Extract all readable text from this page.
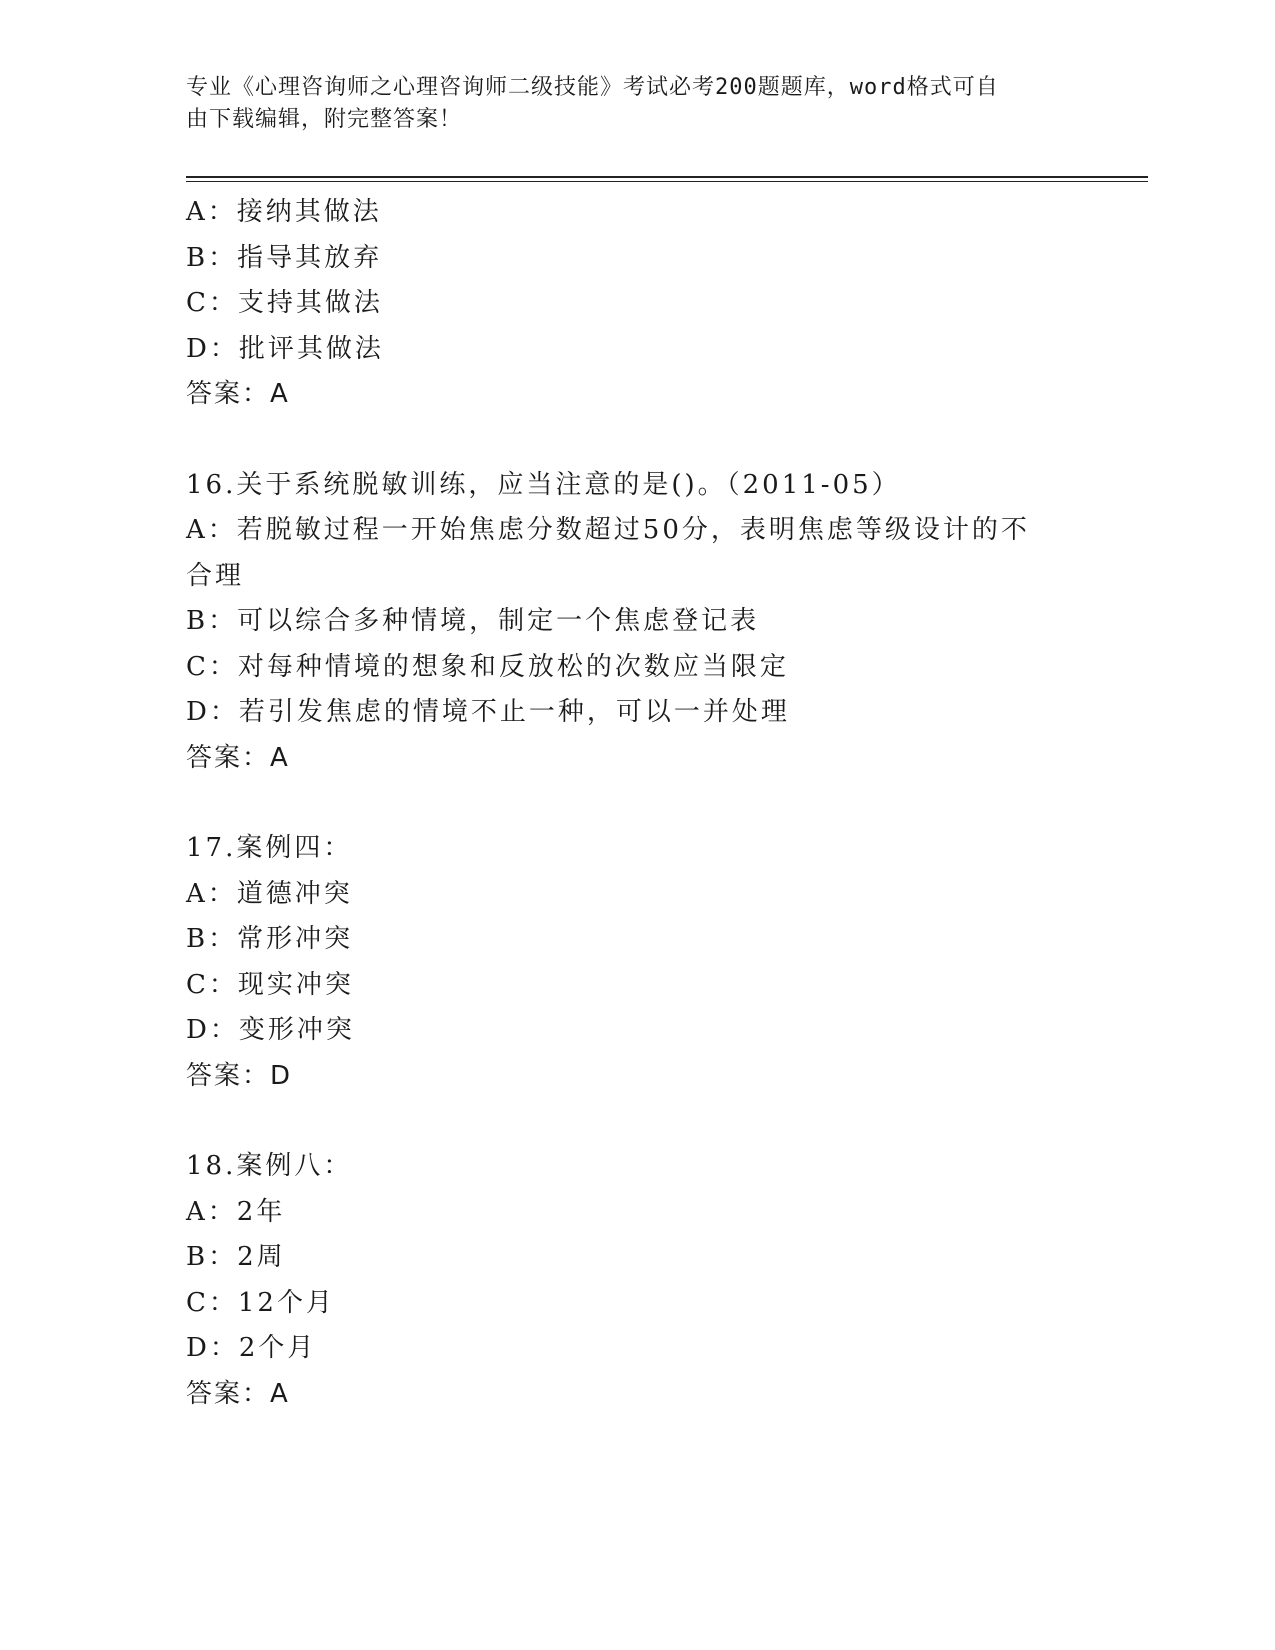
专业《心理咨询师之心理咨询师二级技能》考试必考200题题库，word格式可自
由下载编辑，附完整答案！
A：接纳其做法
B：指导其放弃
C：支持其做法
D：批评其做法
答案：A
16.关于系统脱敏训练，应当注意的是()。（2011-05）
A：若脱敏过程一开始焦虑分数超过50分，表明焦虑等级设计的不合理
B：可以综合多种情境，制定一个焦虑登记表
C：对每种情境的想象和反放松的次数应当限定
D：若引发焦虑的情境不止一种，可以一并处理
答案：A
17.案例四：
A：道德冲突
B：常形冲突
C：现实冲突
D：变形冲突
答案：D
18.案例八：
A：2年
B：2周
C：12个月
D：2个月
答案：A
